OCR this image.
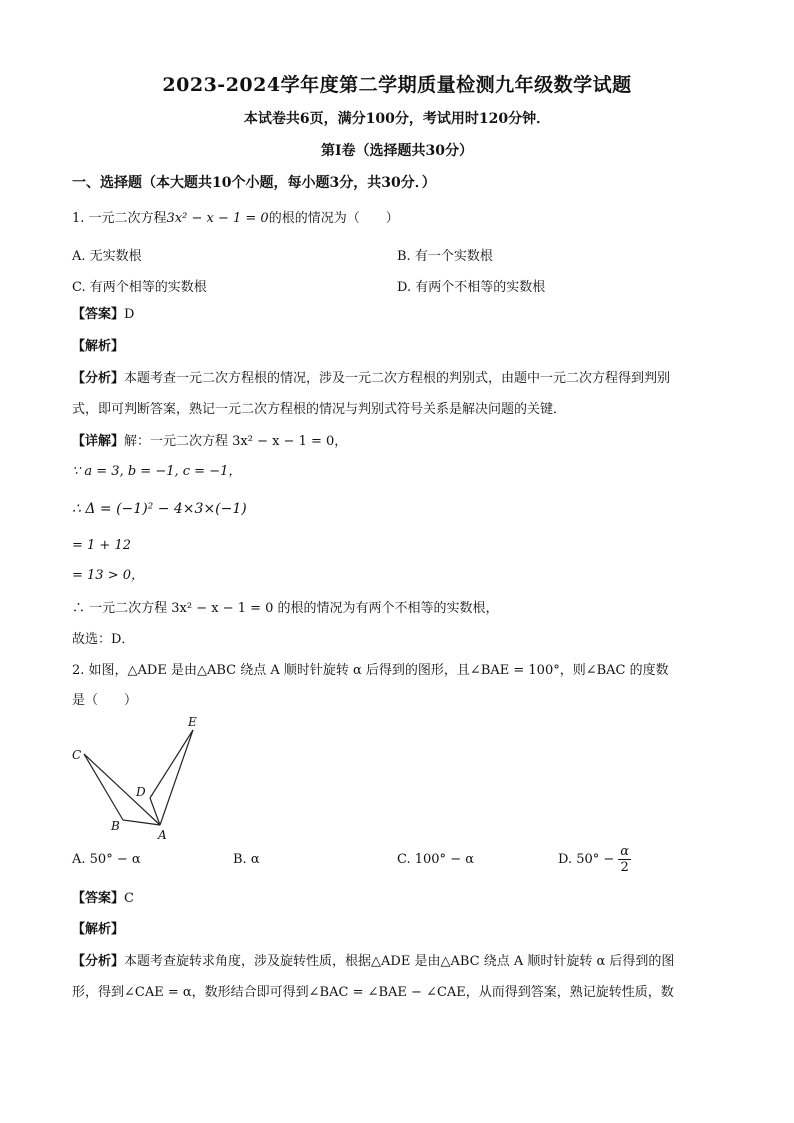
2023-2024学年度第二学期质量检测九年级数学试题
本试卷共6页，满分100分，考试用时120分钟．
第I卷（选择题共30分）
一、选择题（本大题共10个小题，每小题3分，共30分．）
1. 一元二次方程3x² − x − 1 = 0的根的情况为（　　）
A. 无实数根	B. 有一个实数根
C. 有两个相等的实数根	D. 有两个不相等的实数根
【答案】D
【解析】
【分析】本题考查一元二次方程根的情况，涉及一元二次方程根的判别式，由题中一元二次方程得到判别
式，即可判断答案，熟记一元二次方程根的情况与判别式符号关系是解决问题的关键．
【详解】解：一元二次方程 3x² − x − 1 = 0，
∵ a = 3, b = −1, c = −1，
∴ Δ = (−1)² − 4×3×(−1)
= 1 + 12
= 13 > 0，
∴ 一元二次方程 3x² − x − 1 = 0 的根的情况为有两个不相等的实数根，
故选：D．
2. 如图，△ADE 是由△ABC 绕点 A 顺时针旋转 α 后得到的图形，且∠BAE = 100°，则∠BAC 的度数
是（　　）
E
C
D
B
A
A. 50° − α	B. α	C. 100° − α	D. $50^\circ - \frac{\alpha}{2}$
【答案】C
【解析】
【分析】本题考查旋转求角度，涉及旋转性质，根据△ADE 是由△ABC 绕点 A 顺时针旋转 α 后得到的图
形，得到∠CAE = α，数形结合即可得到∠BAC = ∠BAE − ∠CAE，从而得到答案，熟记旋转性质，数
